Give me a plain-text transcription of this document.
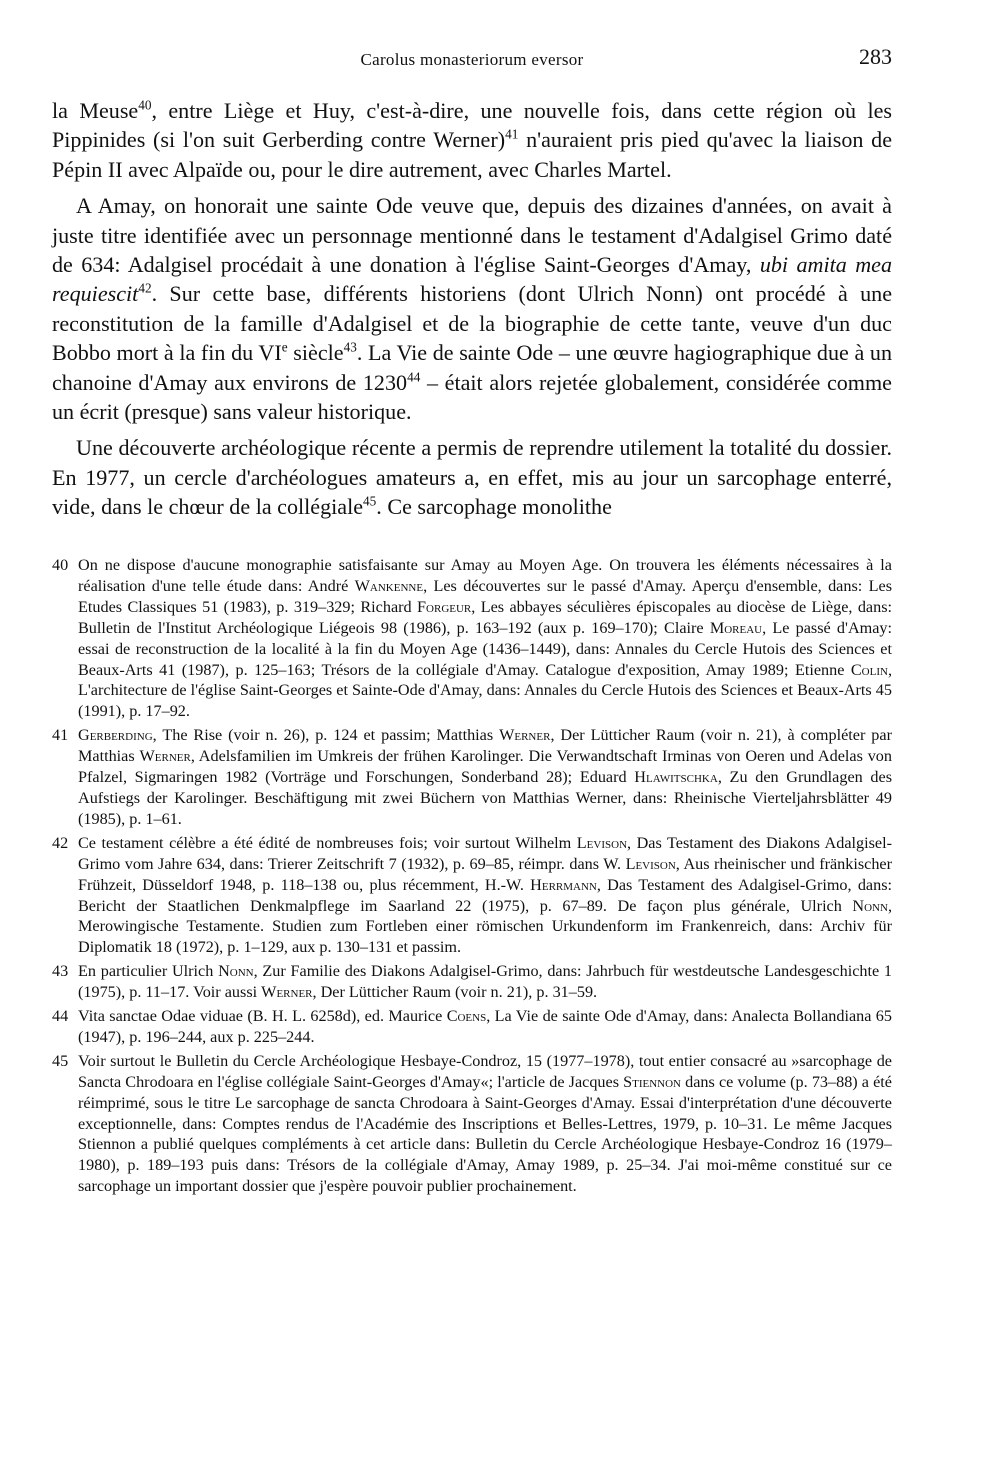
Carolus monasteriorum eversor	283

la Meuse$^{40}$, entre Liège et Huy, c'est-à-dire, une nouvelle fois, dans cette région où les Pippinides (si l'on suit Gerberding contre Werner)$^{41}$ n'auraient pris pied qu'avec la liaison de Pépin II avec Alpaïde ou, pour le dire autrement, avec Charles Martel.

A Amay, on honorait une sainte Ode veuve que, depuis des dizaines d'années, on avait à juste titre identifiée avec un personnage mentionné dans le testament d'Adalgisel Grimo daté de 634: Adalgisel procédait à une donation à l'église Saint-Georges d'Amay, ubi amita mea requiescit$^{42}$. Sur cette base, différents historiens (dont Ulrich Nonn) ont procédé à une reconstitution de la famille d'Adalgisel et de la biographie de cette tante, veuve d'un duc Bobbo mort à la fin du VIe siècle$^{43}$. La Vie de sainte Ode – une œuvre hagiographique due à un chanoine d'Amay aux environs de 1230$^{44}$ – était alors rejetée globalement, considérée comme un écrit (presque) sans valeur historique.

Une découverte archéologique récente a permis de reprendre utilement la totalité du dossier. En 1977, un cercle d'archéologues amateurs a, en effet, mis au jour un sarcophage enterré, vide, dans le chœur de la collégiale$^{45}$. Ce sarcophage monolithe

40 On ne dispose d'aucune monographie satisfaisante sur Amay au Moyen Age. On trouvera les éléments nécessaires à la réalisation d'une telle étude dans: André Wankenne, Les découvertes sur le passé d'Amay. Aperçu d'ensemble, dans: Les Etudes Classiques 51 (1983), p. 319–329; Richard Forgeur, Les abbayes séculières épiscopales au diocèse de Liège, dans: Bulletin de l'Institut Archéologique Liégeois 98 (1986), p. 163–192 (aux p. 169–170); Claire Moreau, Le passé d'Amay: essai de reconstruction de la localité à la fin du Moyen Age (1436–1449), dans: Annales du Cercle Hutois des Sciences et Beaux-Arts 41 (1987), p. 125–163; Trésors de la collégiale d'Amay. Catalogue d'exposition, Amay 1989; Etienne Colin, L'architecture de l'église Saint-Georges et Sainte-Ode d'Amay, dans: Annales du Cercle Hutois des Sciences et Beaux-Arts 45 (1991), p. 17–92.
41 Gerberding, The Rise (voir n. 26), p. 124 et passim; Matthias Werner, Der Lütticher Raum (voir n. 21), à compléter par Matthias Werner, Adelsfamilien im Umkreis der frühen Karolinger. Die Verwandtschaft Irminas von Oeren und Adelas von Pfalzel, Sigmaringen 1982 (Vorträge und Forschungen, Sonderband 28); Eduard Hlawitschka, Zu den Grundlagen des Aufstiegs der Karolinger. Beschäftigung mit zwei Büchern von Matthias Werner, dans: Rheinische Vierteljahrsblätter 49 (1985), p. 1–61.
42 Ce testament célèbre a été édité de nombreuses fois; voir surtout Wilhelm Levison, Das Testament des Diakons Adalgisel-Grimo vom Jahre 634, dans: Trierer Zeitschrift 7 (1932), p. 69–85, réimpr. dans W. Levison, Aus rheinischer und fränkischer Frühzeit, Düsseldorf 1948, p. 118–138 ou, plus récemment, H.-W. Herrmann, Das Testament des Adalgisel-Grimo, dans: Bericht der Staatlichen Denkmalpflege im Saarland 22 (1975), p. 67–89. De façon plus générale, Ulrich Nonn, Merowingische Testamente. Studien zum Fortleben einer römischen Urkundenform im Frankenreich, dans: Archiv für Diplomatik 18 (1972), p. 1–129, aux p. 130–131 et passim.
43 En particulier Ulrich Nonn, Zur Familie des Diakons Adalgisel-Grimo, dans: Jahrbuch für westdeutsche Landesgeschichte 1 (1975), p. 11–17. Voir aussi Werner, Der Lütticher Raum (voir n. 21), p. 31–59.
44 Vita sanctae Odae viduae (B. H. L. 6258d), ed. Maurice Coens, La Vie de sainte Ode d'Amay, dans: Analecta Bollandiana 65 (1947), p. 196–244, aux p. 225–244.
45 Voir surtout le Bulletin du Cercle Archéologique Hesbaye-Condroz, 15 (1977–1978), tout entier consacré au »sarcophage de Sancta Chrodoara en l'église collégiale Saint-Georges d'Amay«; l'article de Jacques Stiennon dans ce volume (p. 73–88) a été réimprimé, sous le titre Le sarcophage de sancta Chrodoara à Saint-Georges d'Amay. Essai d'interprétation d'une découverte exceptionnelle, dans: Comptes rendus de l'Académie des Inscriptions et Belles-Lettres, 1979, p. 10–31. Le même Jacques Stiennon a publié quelques compléments à cet article dans: Bulletin du Cercle Archéologique Hesbaye-Condroz 16 (1979–1980), p. 189–193 puis dans: Trésors de la collégiale d'Amay, Amay 1989, p. 25–34. J'ai moi-même constitué sur ce sarcophage un important dossier que j'espère pouvoir publier prochainement.
